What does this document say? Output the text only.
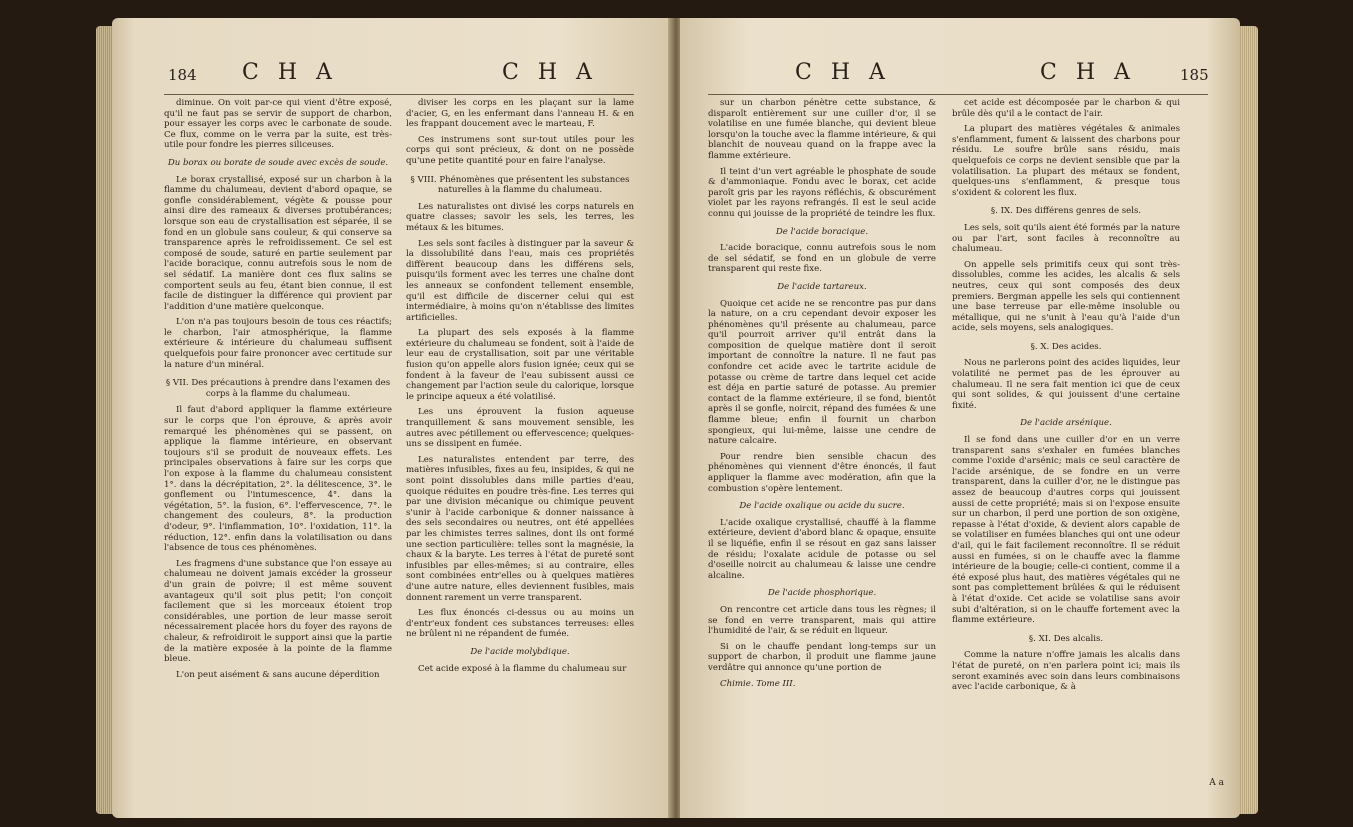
184 C H A	C H A

diminue. On voit par-ce qui vient d'être exposé, qu'il ne faut pas se servir de support de charbon, pour essayer les corps avec le carbonate de soude. Ce flux, comme on le verra par la suite, est très-utile pour fondre les pierres siliceuses.

Du borax ou borate de soude avec excès de soude.

Le borax crystallisé, exposé sur un charbon à la flamme du chalumeau, devient d'abord opaque, se gonfle considérablement, végète & pousse pour ainsi dire des rameaux & diverses protubérances; lorsque son eau de crystallisation est séparée, il se fond en un globule sans couleur, & qui conserve sa transparence après le refroidissement. Ce sel est composé de soude, saturé en partie seulement par l'acide boracique, connu autrefois sous le nom de sel sédatif. La manière dont ces flux salins se comportent seuls au feu, étant bien connue, il est facile de distinguer la différence qui provient par l'addition d'une matière quelconque.

L'on n'a pas toujours besoin de tous ces réactifs; le charbon, l'air atmosphérique, la flamme extérieure & intérieure du chalumeau suffisent quelquefois pour faire prononcer avec certitude sur la nature d'un minéral.

§ VII. Des précautions à prendre dans l'examen des corps à la flamme du chalumeau.

Il faut d'abord appliquer la flamme extérieure sur le corps que l'on éprouve, & après avoir remarqué les phénomènes qui se passent, on applique la flamme intérieure, en observant toujours s'il se produit de nouveaux effets. Les principales observations à faire sur les corps que l'on expose à la flamme du chalumeau consistent 1°. dans la décrépitation, 2°. la délitescence, 3°. le gonflement ou l'intumescence, 4°. dans la végétation, 5°. la fusion, 6°. l'effervescence, 7°. le changement des couleurs, 8°. la production d'odeur, 9°. l'inflammation, 10°. l'oxidation, 11°. la réduction, 12°. enfin dans la volatilisation ou dans l'absence de tous ces phénomènes.

Les fragmens d'une substance que l'on essaye au chalumeau ne doivent jamais excéder la grosseur d'un grain de poivre; il est même souvent avantageux qu'il soit plus petit; l'on conçoit facilement que si les morceaux étoient trop considérables, une portion de leur masse seroit nécessairement placée hors du foyer des rayons de chaleur, & refroidiroit le support ainsi que la partie de la matière exposée à la pointe de la flamme bleue.

L'on peut aisément & sans aucune déperdition

diviser les corps en les plaçant sur la lame d'acier, G, en les enfermant dans l'anneau H. & en les frappant doucement avec le marteau, F.

Ces instrumens sont sur-tout utiles pour les corps qui sont précieux, & dont on ne possède qu'une petite quantité pour en faire l'analyse.

§ VIII. Phénomènes que présentent les substances naturelles à la flamme du chalumeau.

Les naturalistes ont divisé les corps naturels en quatre classes; savoir les sels, les terres, les métaux & les bitumes.

Les sels sont faciles à distinguer par la saveur & la dissolubilité dans l'eau, mais ces propriétés diffèrent beaucoup dans les différens sels, puisqu'ils forment avec les terres une chaîne dont les anneaux se confondent tellement ensemble, qu'il est difficile de discerner celui qui est intermédiaire, à moins qu'on n'établisse des limites artificielles.

La plupart des sels exposés à la flamme extérieure du chalumeau se fondent, soit à l'aide de leur eau de crystallisation, soit par une véritable fusion qu'on appelle alors fusion ignée; ceux qui se fondent à la faveur de l'eau subissent aussi ce changement par l'action seule du calorique, lorsque le principe aqueux a été volatilisé.

Les uns éprouvent la fusion aqueuse tranquillement & sans mouvement sensible, les autres avec pétillement ou effervescence; quelques-uns se dissipent en fumée.

Les naturalistes entendent par terre, des matières infusibles, fixes au feu, insipides, & qui ne sont point dissolubles dans mille parties d'eau, quoique réduites en poudre très-fine. Les terres qui par une division mécanique ou chimique peuvent s'unir à l'acide carbonique & donner naissance à des sels secondaires ou neutres, ont été appellées par les chimistes terres salines, dont ils ont formé une section particulière: telles sont la magnésie, la chaux & la baryte. Les terres à l'état de pureté sont infusibles par elles-mêmes; si au contraire, elles sont combinées entr'elles ou à quelques matières d'une autre nature, elles deviennent fusibles, mais donnent rarement un verre transparent.

Les flux énoncés ci-dessus ou au moins un d'entr'eux fondent ces substances terreuses: elles ne brûlent ni ne répandent de fumée.

De l'acide molybdique.

Cet acide exposé à la flamme du chalumeau sur

C H A	C H A	185

sur un charbon pénètre cette substance, & disparoît entièrement sur une cuiller d'or, il se volatilise en une fumée blanche, qui devient bleue lorsqu'on la touche avec la flamme intérieure, & qui blanchit de nouveau quand on la frappe avec la flamme extérieure.

Il teint d'un vert agréable le phosphate de soude & d'ammoniaque. Fondu avec le borax, cet acide paroît gris par les rayons réfléchis, & obscurément violet par les rayons refrangés. Il est le seul acide connu qui jouisse de la propriété de teindre les flux.

De l'acide boracique.

L'acide boracique, connu autrefois sous le nom de sel sédatif, se fond en un globule de verre transparent qui reste fixe.

De l'acide tartareux.

Quoique cet acide ne se rencontre pas pur dans la nature, on a cru cependant devoir exposer les phénomènes qu'il présente au chalumeau, parce qu'il pourroit arriver qu'il entrât dans la composition de quelque matière dont il seroit important de connoître la nature. Il ne faut pas confondre cet acide avec le tartrite acidule de potasse ou crème de tartre dans lequel cet acide est déja en partie saturé de potasse. Au premier contact de la flamme extérieure, il se fond, bientôt après il se gonfle, noircit, répand des fumées & une flamme bleue; enfin il fournit un charbon spongieux, qui lui-même, laisse une cendre de nature calcaire.

Pour rendre bien sensible chacun des phénomènes qui viennent d'être énoncés, il faut appliquer la flamme avec modération, afin que la combustion s'opère lentement.

De l'acide oxalique ou acide du sucre.

L'acide oxalique crystallisé, chauffé à la flamme extérieure, devient d'abord blanc & opaque, ensuite il se liquéfie, enfin il se résout en gaz sans laisser de résidu; l'oxalate acidule de potasse ou sel d'oseille noircit au chalumeau & laisse une cendre alcaline.

De l'acide phosphorique.

On rencontre cet article dans tous les règnes; il se fond en verre transparent, mais qui attire l'humidité de l'air, & se réduit en liqueur.

Si on le chauffe pendant long-temps sur un support de charbon, il produit une flamme jaune verdâtre qui annonce qu'une portion de

Chimie. Tome III.

cet acide est décomposée par le charbon & qui brûle dès qu'il a le contact de l'air.

La plupart des matières végétales & animales s'enflamment, fument & laissent des charbons pour résidu. Le soufre brûle sans résidu, mais quelquefois ce corps ne devient sensible que par la volatilisation. La plupart des métaux se fondent, quelques-uns s'enflamment, & presque tous s'oxident & colorent les flux.

§. IX. Des différens genres de sels.

Les sels, soit qu'ils aient été formés par la nature ou par l'art, sont faciles à reconnoître au chalumeau.

On appelle sels primitifs ceux qui sont très-dissolubles, comme les acides, les alcalis & sels neutres, ceux qui sont composés des deux premiers. Bergman appelle les sels qui contiennent une base terreuse par elle-même insoluble ou métallique, qui ne s'unit à l'eau qu'à l'aide d'un acide, sels moyens, sels analogiques.

§. X. Des acides.

Nous ne parlerons point des acides liquides, leur volatilité ne permet pas de les éprouver au chalumeau. Il ne sera fait mention ici que de ceux qui sont solides, & qui jouissent d'une certaine fixité.

De l'acide arsénique.

Il se fond dans une cuiller d'or en un verre transparent sans s'exhaler en fumées blanches comme l'oxide d'arsénic; mais ce seul caractère de l'acide arsénique, de se fondre en un verre transparent, dans la cuiller d'or, ne le distingue pas assez de beaucoup d'autres corps qui jouissent aussi de cette propriété; mais si on l'expose ensuite sur un charbon, il perd une portion de son oxigène, repasse à l'état d'oxide, & devient alors capable de se volatiliser en fumées blanches qui ont une odeur d'ail, qui le fait facilement reconnoître. Il se réduit aussi en fumées, si on le chauffe avec la flamme intérieure de la bougie; celle-ci contient, comme il a été exposé plus haut, des matières végétales qui ne sont pas complettement brûlées & qui le réduisent à l'état d'oxide. Cet acide se volatilise sans avoir subi d'altération, si on le chauffe fortement avec la flamme extérieure.

§. XI. Des alcalis.

Comme la nature n'offre jamais les alcalis dans l'état de pureté, on n'en parlera point ici; mais ils seront examinés avec soin dans leurs combinaisons avec l'acide carbonique, & à

A a
